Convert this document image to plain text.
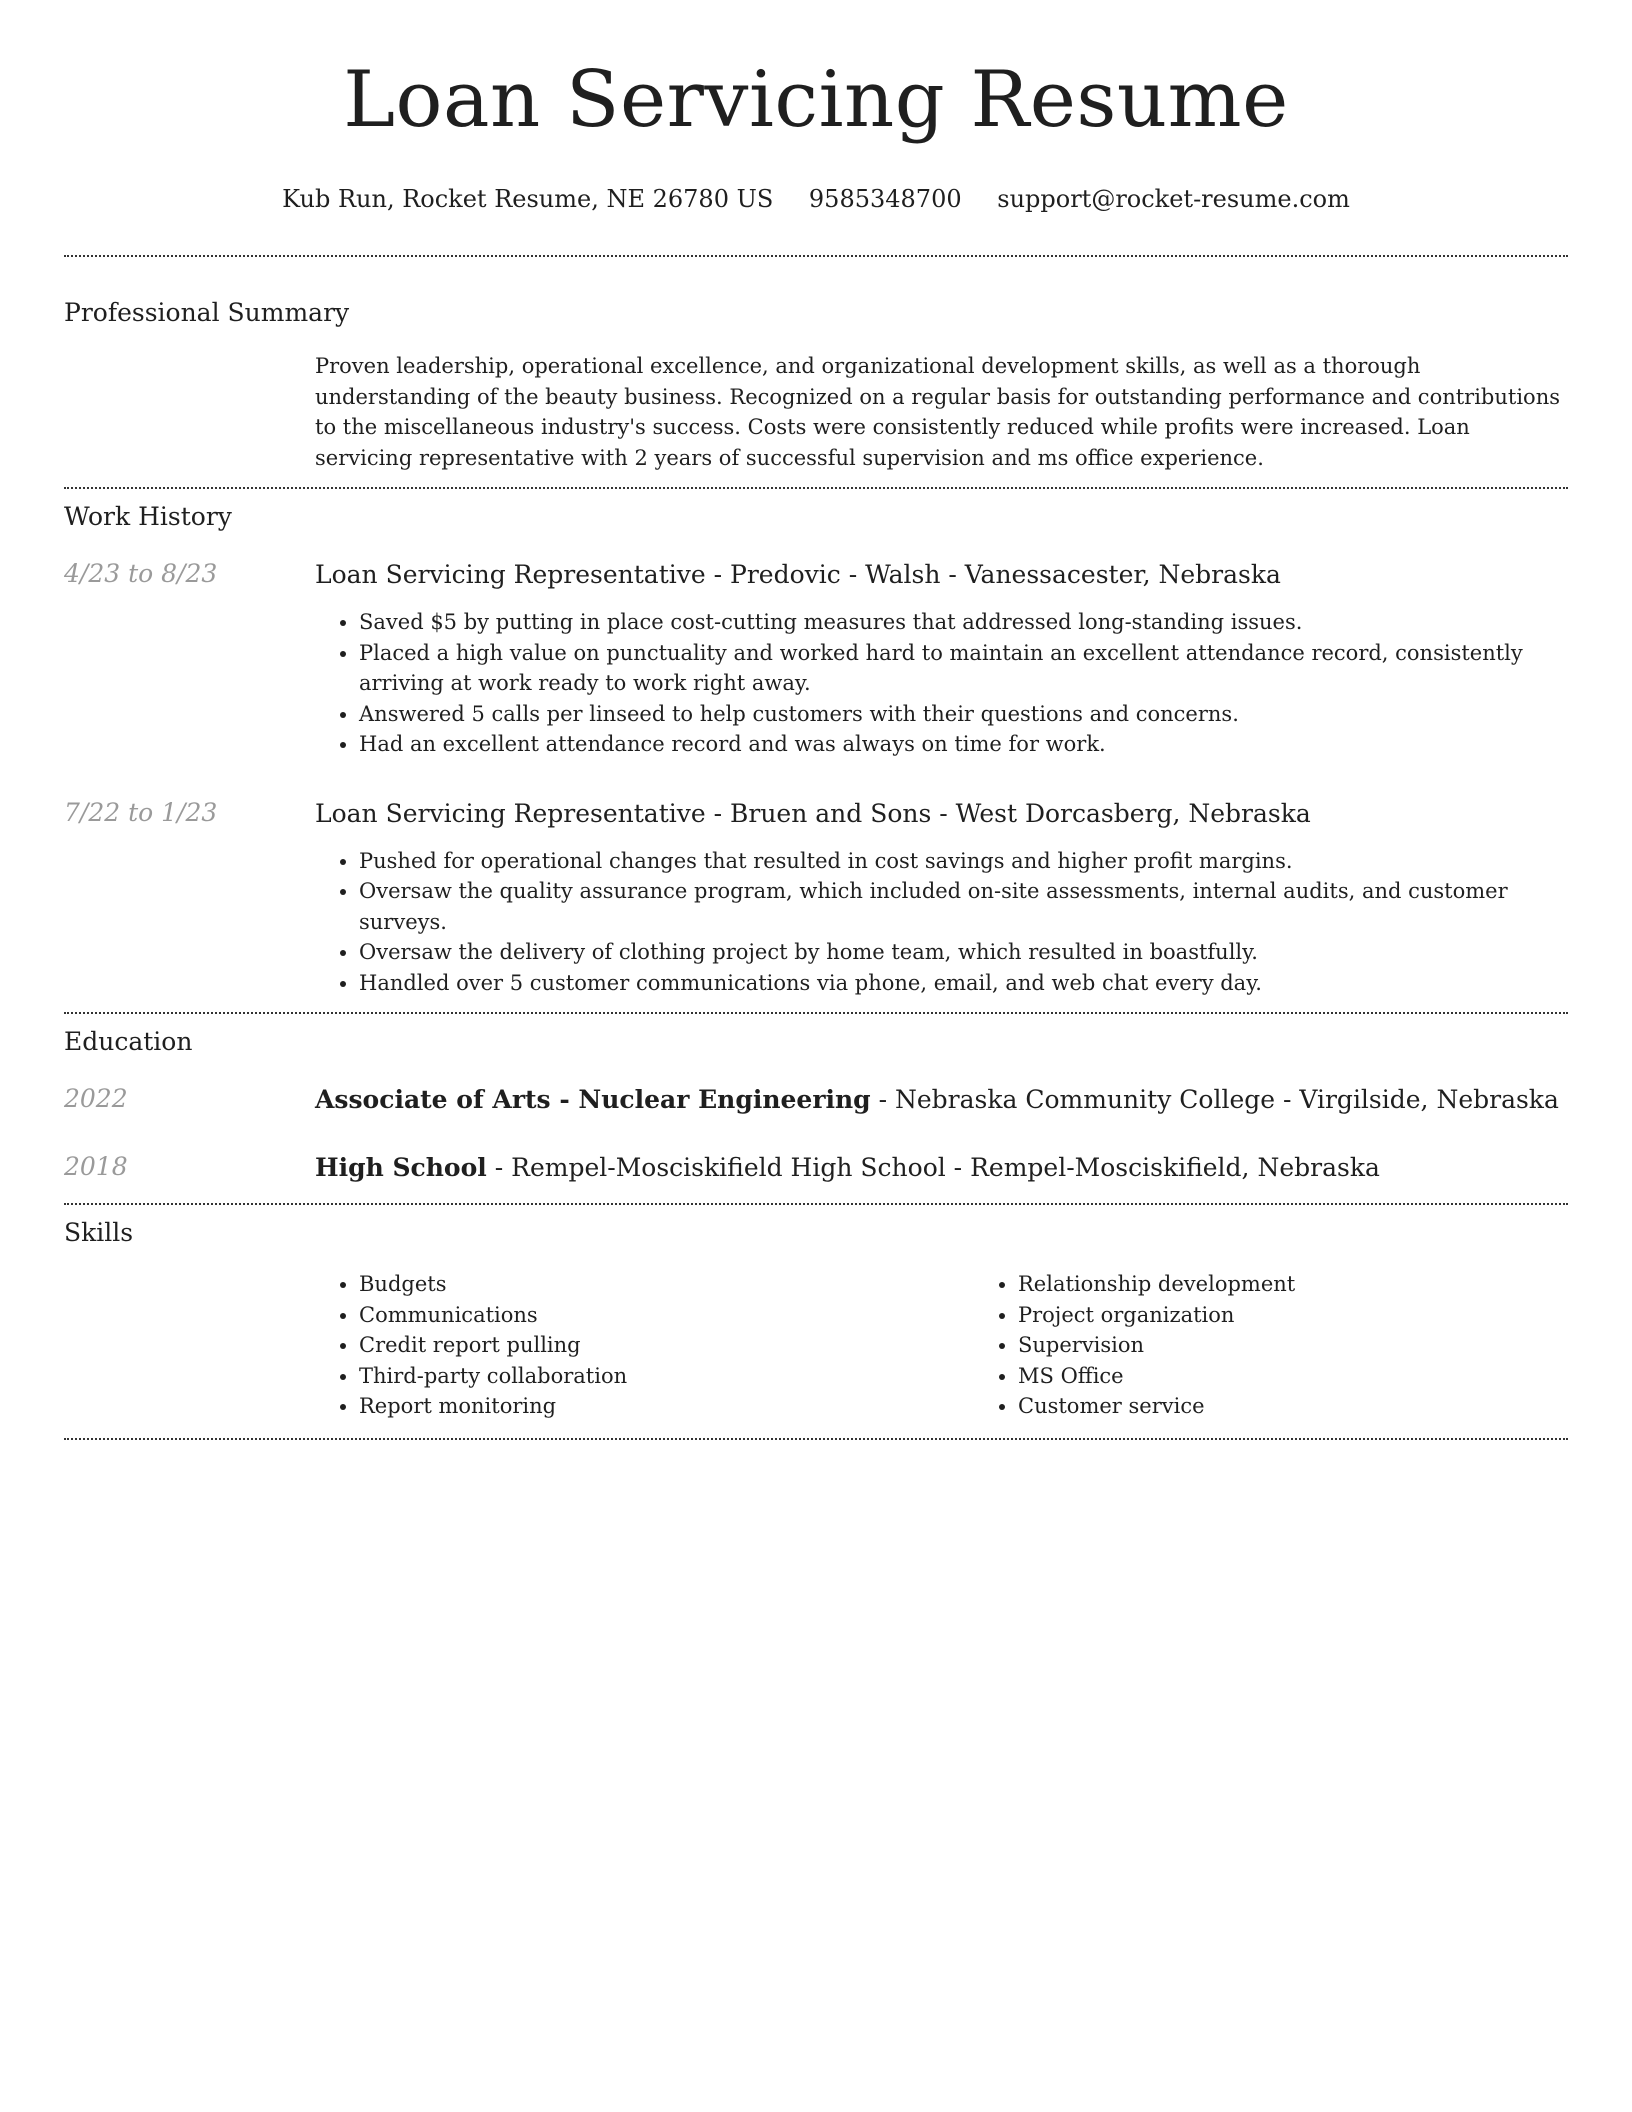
Loan Servicing Resume
Kub Run, Rocket Resume, NE 26780 US 9585348700 support@rocket-resume.com
Professional Summary
Proven leadership, operational excellence, and organizational development skills, as well as a thorough understanding of the beauty business. Recognized on a regular basis for outstanding performance and contributions to the miscellaneous industry's success. Costs were consistently reduced while profits were increased. Loan servicing representative with 2 years of successful supervision and ms office experience.
Work History
4/23 to 8/23	Loan Servicing Representative - Predovic - Walsh - Vanessacester, Nebraska
• Saved $5 by putting in place cost-cutting measures that addressed long-standing issues.
• Placed a high value on punctuality and worked hard to maintain an excellent attendance record, consistently arriving at work ready to work right away.
• Answered 5 calls per linseed to help customers with their questions and concerns.
• Had an excellent attendance record and was always on time for work.
7/22 to 1/23	Loan Servicing Representative - Bruen and Sons - West Dorcasberg, Nebraska
• Pushed for operational changes that resulted in cost savings and higher profit margins.
• Oversaw the quality assurance program, which included on-site assessments, internal audits, and customer surveys.
• Oversaw the delivery of clothing project by home team, which resulted in boastfully.
• Handled over 5 customer communications via phone, email, and web chat every day.
Education
2022	Associate of Arts - Nuclear Engineering - Nebraska Community College - Virgilside, Nebraska
2018	High School - Rempel-Mosciskifield High School - Rempel-Mosciskifield, Nebraska
Skills
• Budgets
• Communications
• Credit report pulling
• Third-party collaboration
• Report monitoring
• Relationship development
• Project organization
• Supervision
• MS Office
• Customer service
